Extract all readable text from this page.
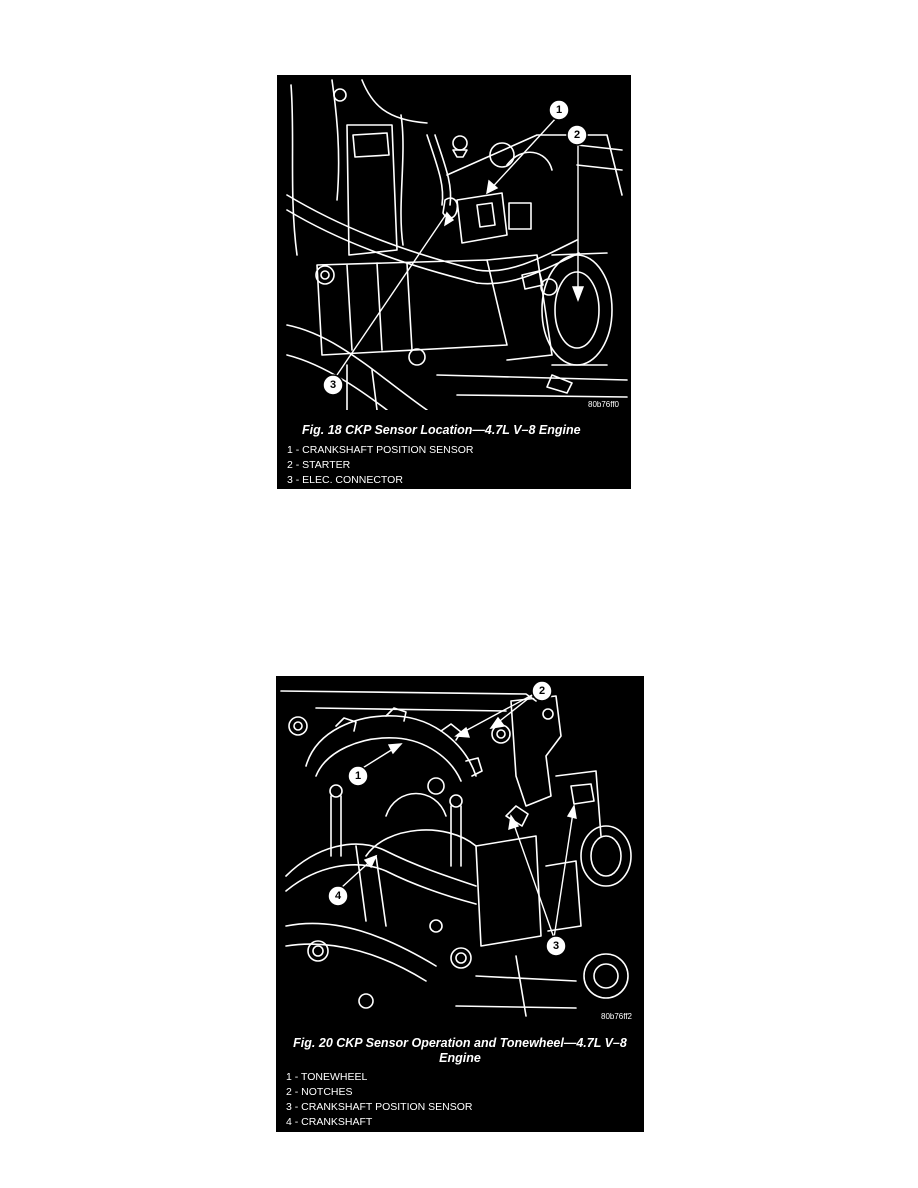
1
2
3
80b76ff0
Fig. 18 CKP Sensor Location—4.7L V–8 Engine
1 - CRANKSHAFT POSITION SENSOR
2 - STARTER
3 - ELEC. CONNECTOR
2
1
4
3
80b76ff2
Fig. 20 CKP Sensor Operation and Tonewheel—4.7L V–8 Engine
1 - TONEWHEEL
2 - NOTCHES
3 - CRANKSHAFT POSITION SENSOR
4 - CRANKSHAFT
